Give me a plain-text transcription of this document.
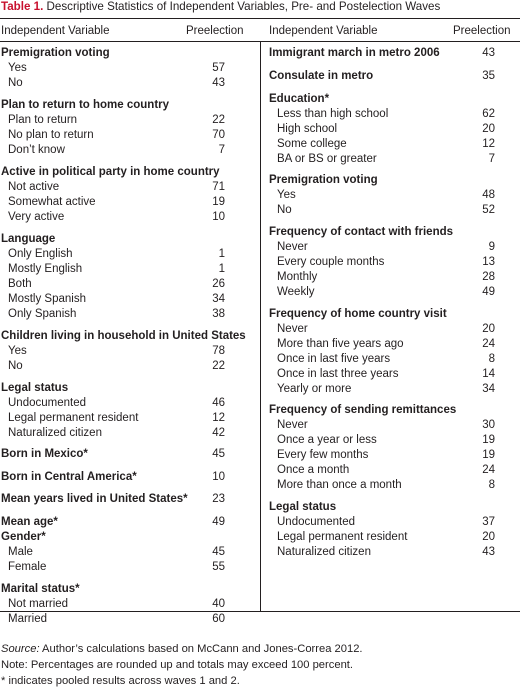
Table 1. Descriptive Statistics of Independent Variables, Pre- and Postelection Waves
Independent Variable	Preelection Independent Variable	Preelection
Premigration voting
Yes	57
No	43
Plan to return to home country
Plan to return	22
No plan to return	70
Don’t know	7
Active in political party in home country
Not active	71
Somewhat active	19
Very active	10
Language
Only English	1
Mostly English	1
Both	26
Mostly Spanish	34
Only Spanish	38
Children living in household in United States
Yes	78
No	22
Legal status
Undocumented	46
Legal permanent resident	12
Naturalized citizen	42
Born in Mexico*	45
Born in Central America*	10
Mean years lived in United States*	23
Mean age*	49
Gender*
Male	45
Female	55
Marital status*
Not married	40
Married	60
Immigrant march in metro 2006	43
Consulate in metro	35
Education*
Less than high school	62
High school	20
Some college	12
BA or BS or greater	7
Premigration voting
Yes	48
No	52
Frequency of contact with friends
Never	9
Every couple months	13
Monthly	28
Weekly	49
Frequency of home country visit
Never	20
More than five years ago	24
Once in last five years	8
Once in last three years	14
Yearly or more	34
Frequency of sending remittances
Never	30
Once a year or less	19
Every few months	19
Once a month	24
More than once a month	8
Legal status
Undocumented	37
Legal permanent resident	20
Naturalized citizen	43
Source: Author’s calculations based on McCann and Jones-Correa 2012.
Note: Percentages are rounded up and totals may exceed 100 percent.
* indicates pooled results across waves 1 and 2.
